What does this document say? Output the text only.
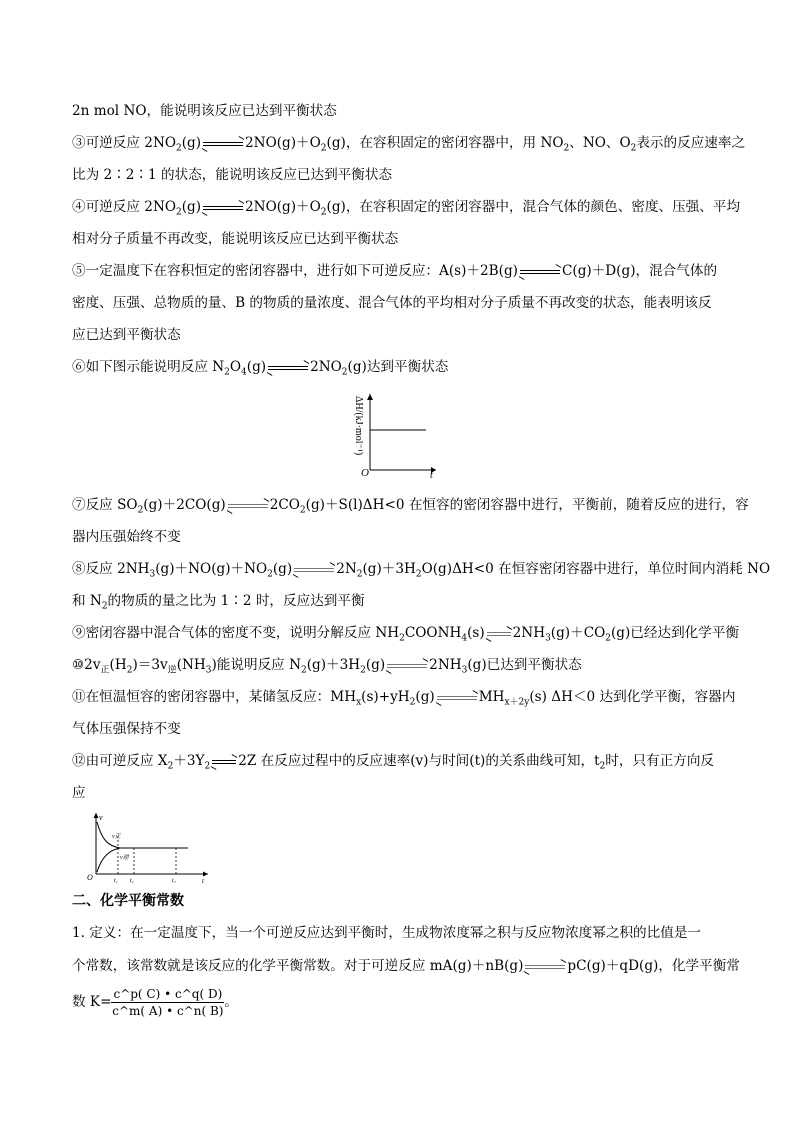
2n mol NO，能说明该反应已达到平衡状态
③可逆反应 $2NO_2(g)$	$2NO(g)+O_2(g)$，在容积固定的密闭容器中，用 $NO_2$、NO、$O_2$表示的反应速率之
比为 2∶2∶1 的状态，能说明该反应已达到平衡状态
④可逆反应 $2NO_2(g)$	$2NO(g)+O_2(g)$，在容积固定的密闭容器中，混合气体的颜色、密度、压强、平均
相对分子质量不再改变，能说明该反应已达到平衡状态
⑤一定温度下在容积恒定的密闭容器中，进行如下可逆反应：A(s)＋2B(g)	C(g)＋D(g)，混合气体的
密度、压强、总物质的量、B 的物质的量浓度、混合气体的平均相对分子质量不再改变的状态，能表明该反
应已达到平衡状态
⑥如下图示能说明反应 $N_2O_4(g)$	$2NO_2(g)$达到平衡状态
O	t
ΔH/(kJ·mol⁻¹)
⑦反应 $SO_2(g)+2CO(g)$	$2CO_2(g)+S(l)\Delta H<0$ 在恒容的密闭容器中进行，平衡前，随着反应的进行，容
器内压强始终不变
⑧反应 $2NH_3(g)+NO(g)+NO_2(g)$	$2N_2(g)+3H_2O(g)\Delta H<0$ 在恒容密闭容器中进行，单位时间内消耗 NO
和 $N_2$的物质的量之比为 1∶2 时，反应达到平衡
⑨密闭容器中混合气体的密度不变，说明分解反应 $NH_2COONH_4(s)$ $2NH_3(g)+CO_2(g)$已经达到化学平衡
$⑩2v_正(H_2)=3v_逆(NH_3)$能说明反应 $N_2(g)+3H_2(g)$	$2NH_3(g)$已达到平衡状态
⑪在恒温恒容的密闭容器中，某储氢反应：$MH_x(s)+yH_2(g)$	$MH_{x+2y}(s)$ ΔH＜0 达到化学平衡，容器内
气体压强保持不变
⑫由可逆反应 $X_2+3Y_2$ 2Z 在反应过程中的反应速率(v)与时间(t)的关系曲线可知，$t_2$时，只有正方向反
应
v
v正
v逆
O	t₁ t₂	t₃	t
二、化学平衡常数
1. 定义：在一定温度下，当一个可逆反应达到平衡时，生成物浓度幂之积与反应物浓度幂之积的比值是一
个常数，该常数就是该反应的化学平衡常数。对于可逆反应 mA(g)＋nB(g)	pC(g)＋qD(g)，化学平衡常
数 $K= \frac{c\^{}p( C) • c\^{}q( D)}{c\^{}m( A) • c\^{}n( B)}$ 。
